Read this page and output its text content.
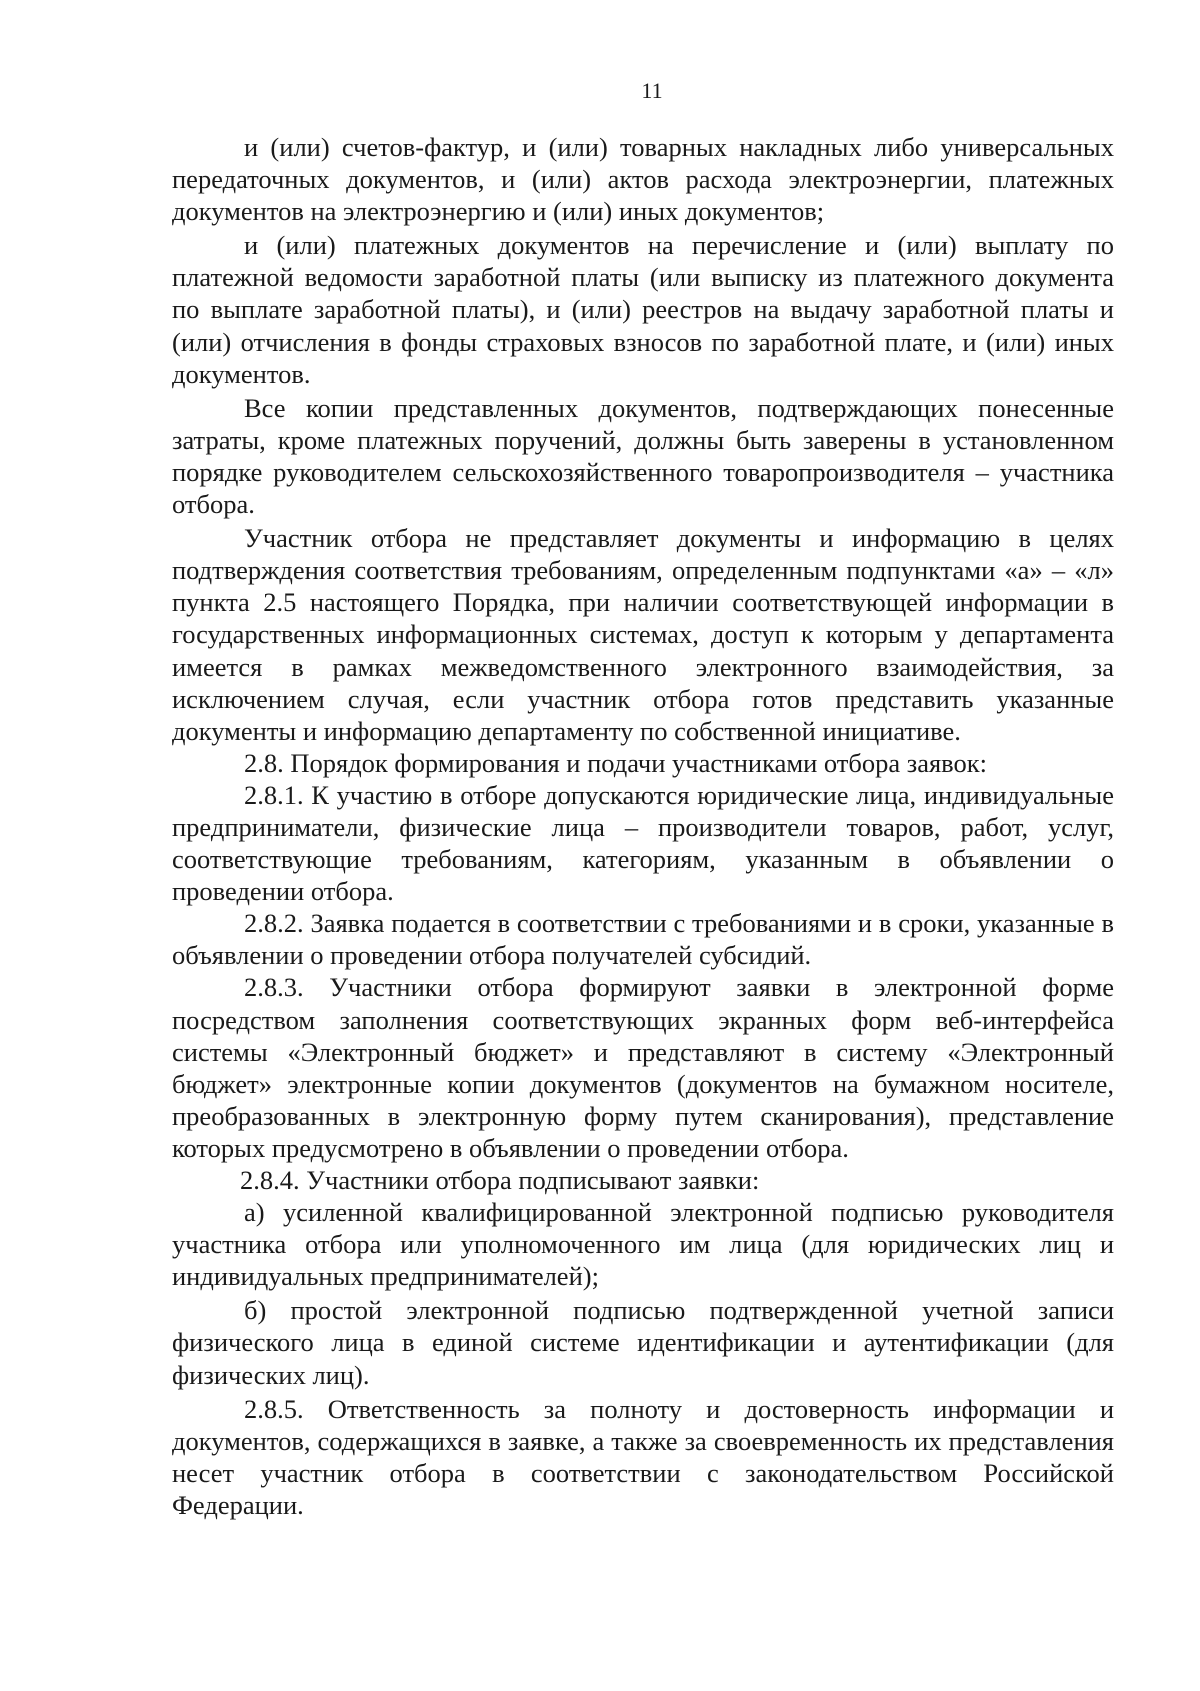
11

и (или) счетов-фактур, и (или) товарных накладных либо универсальных передаточных документов, и (или) актов расхода электроэнергии, платежных документов на электроэнергию и (или) иных документов;

и (или) платежных документов на перечисление и (или) выплату по платежной ведомости заработной платы (или выписку из платежного документа по выплате заработной платы), и (или) реестров на выдачу заработной платы и (или) отчисления в фонды страховых взносов по заработной плате, и (или) иных документов.

Все копии представленных документов, подтверждающих понесенные затраты, кроме платежных поручений, должны быть заверены в установленном порядке руководителем сельскохозяйственного товаропроизводителя – участника отбора.

Участник отбора не представляет документы и информацию в целях подтверждения соответствия требованиям, определенным подпунктами «а» – «л» пункта 2.5 настоящего Порядка, при наличии соответствующей информации в государственных информационных системах, доступ к которым у департамента имеется в рамках межведомственного электронного взаимодействия, за исключением случая, если участник отбора готов представить указанные документы и информацию департаменту по собственной инициативе.

2.8. Порядок формирования и подачи участниками отбора заявок:

2.8.1. К участию в отборе допускаются юридические лица, индивидуальные предприниматели, физические лица – производители товаров, работ, услуг, соответствующие требованиям, категориям, указанным в объявлении о проведении отбора.

2.8.2. Заявка подается в соответствии с требованиями и в сроки, указанные в объявлении о проведении отбора получателей субсидий.

2.8.3. Участники отбора формируют заявки в электронной форме посредством заполнения соответствующих экранных форм веб-интерфейса системы «Электронный бюджет» и представляют в систему «Электронный бюджет» электронные копии документов (документов на бумажном носителе, преобразованных в электронную форму путем сканирования), представление которых предусмотрено в объявлении о проведении отбора.

2.8.4. Участники отбора подписывают заявки:

а) усиленной квалифицированной электронной подписью руководителя участника отбора или уполномоченного им лица (для юридических лиц и индивидуальных предпринимателей);

б) простой электронной подписью подтвержденной учетной записи физического лица в единой системе идентификации и аутентификации (для физических лиц).

2.8.5. Ответственность за полноту и достоверность информации и документов, содержащихся в заявке, а также за своевременность их представления несет участник отбора в соответствии с законодательством Российской Федерации.
